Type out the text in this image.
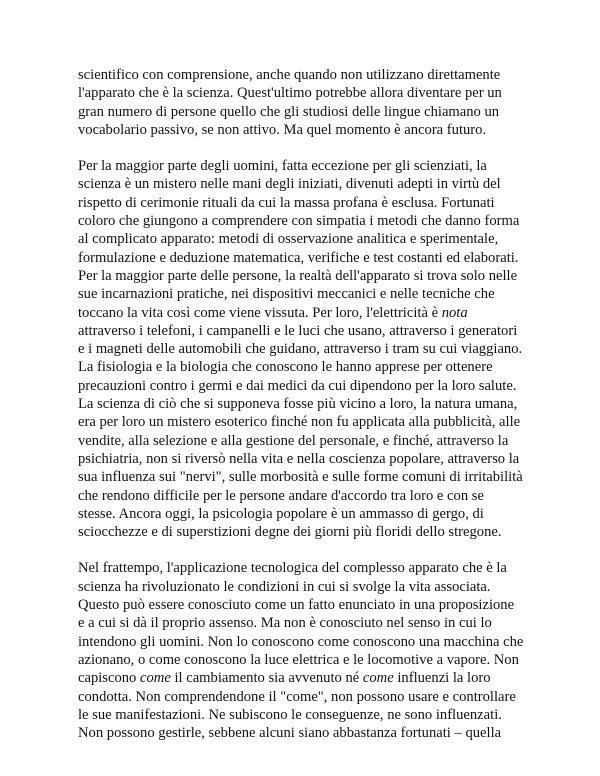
scientifico con comprensione, anche quando non utilizzano direttamente
l'apparato che è la scienza. Quest'ultimo potrebbe allora diventare per un
gran numero di persone quello che gli studiosi delle lingue chiamano un
vocabolario passivo, se non attivo. Ma quel momento è ancora futuro.

Per la maggior parte degli uomini, fatta eccezione per gli scienziati, la
scienza è un mistero nelle mani degli iniziati, divenuti adepti in virtù del
rispetto di cerimonie rituali da cui la massa profana è esclusa. Fortunati
coloro che giungono a comprendere con simpatia i metodi che danno forma
al complicato apparato: metodi di osservazione analitica e sperimentale,
formulazione e deduzione matematica, verifiche e test costanti ed elaborati.
Per la maggior parte delle persone, la realtà dell'apparato si trova solo nelle
sue incarnazioni pratiche, nei dispositivi meccanici e nelle tecniche che
toccano la vita così come viene vissuta. Per loro, l'elettricità è nota
attraverso i telefoni, i campanelli e le luci che usano, attraverso i generatori
e i magneti delle automobili che guidano, attraverso i tram su cui viaggiano.
La fisiologia e la biologia che conoscono le hanno apprese per ottenere
precauzioni contro i germi e dai medici da cui dipendono per la loro salute.
La scienza di ciò che si supponeva fosse più vicino a loro, la natura umana,
era per loro un mistero esoterico finché non fu applicata alla pubblicità, alle
vendite, alla selezione e alla gestione del personale, e finché, attraverso la
psichiatria, non si riversò nella vita e nella coscienza popolare, attraverso la
sua influenza sui "nervi", sulle morbosità e sulle forme comuni di irritabilità
che rendono difficile per le persone andare d'accordo tra loro e con se
stesse. Ancora oggi, la psicologia popolare è un ammasso di gergo, di
sciocchezze e di superstizioni degne dei giorni più floridi dello stregone.

Nel frattempo, l'applicazione tecnologica del complesso apparato che è la
scienza ha rivoluzionato le condizioni in cui si svolge la vita associata.
Questo può essere conosciuto come un fatto enunciato in una proposizione
e a cui si dà il proprio assenso. Ma non è conosciuto nel senso in cui lo
intendono gli uomini. Non lo conoscono come conoscono una macchina che
azionano, o come conoscono la luce elettrica e le locomotive a vapore. Non
capiscono come il cambiamento sia avvenuto né come influenzi la loro
condotta. Non comprendendone il "come", non possono usare e controllare
le sue manifestazioni. Ne subiscono le conseguenze, ne sono influenzati.
Non possono gestirle, sebbene alcuni siano abbastanza fortunati – quella
